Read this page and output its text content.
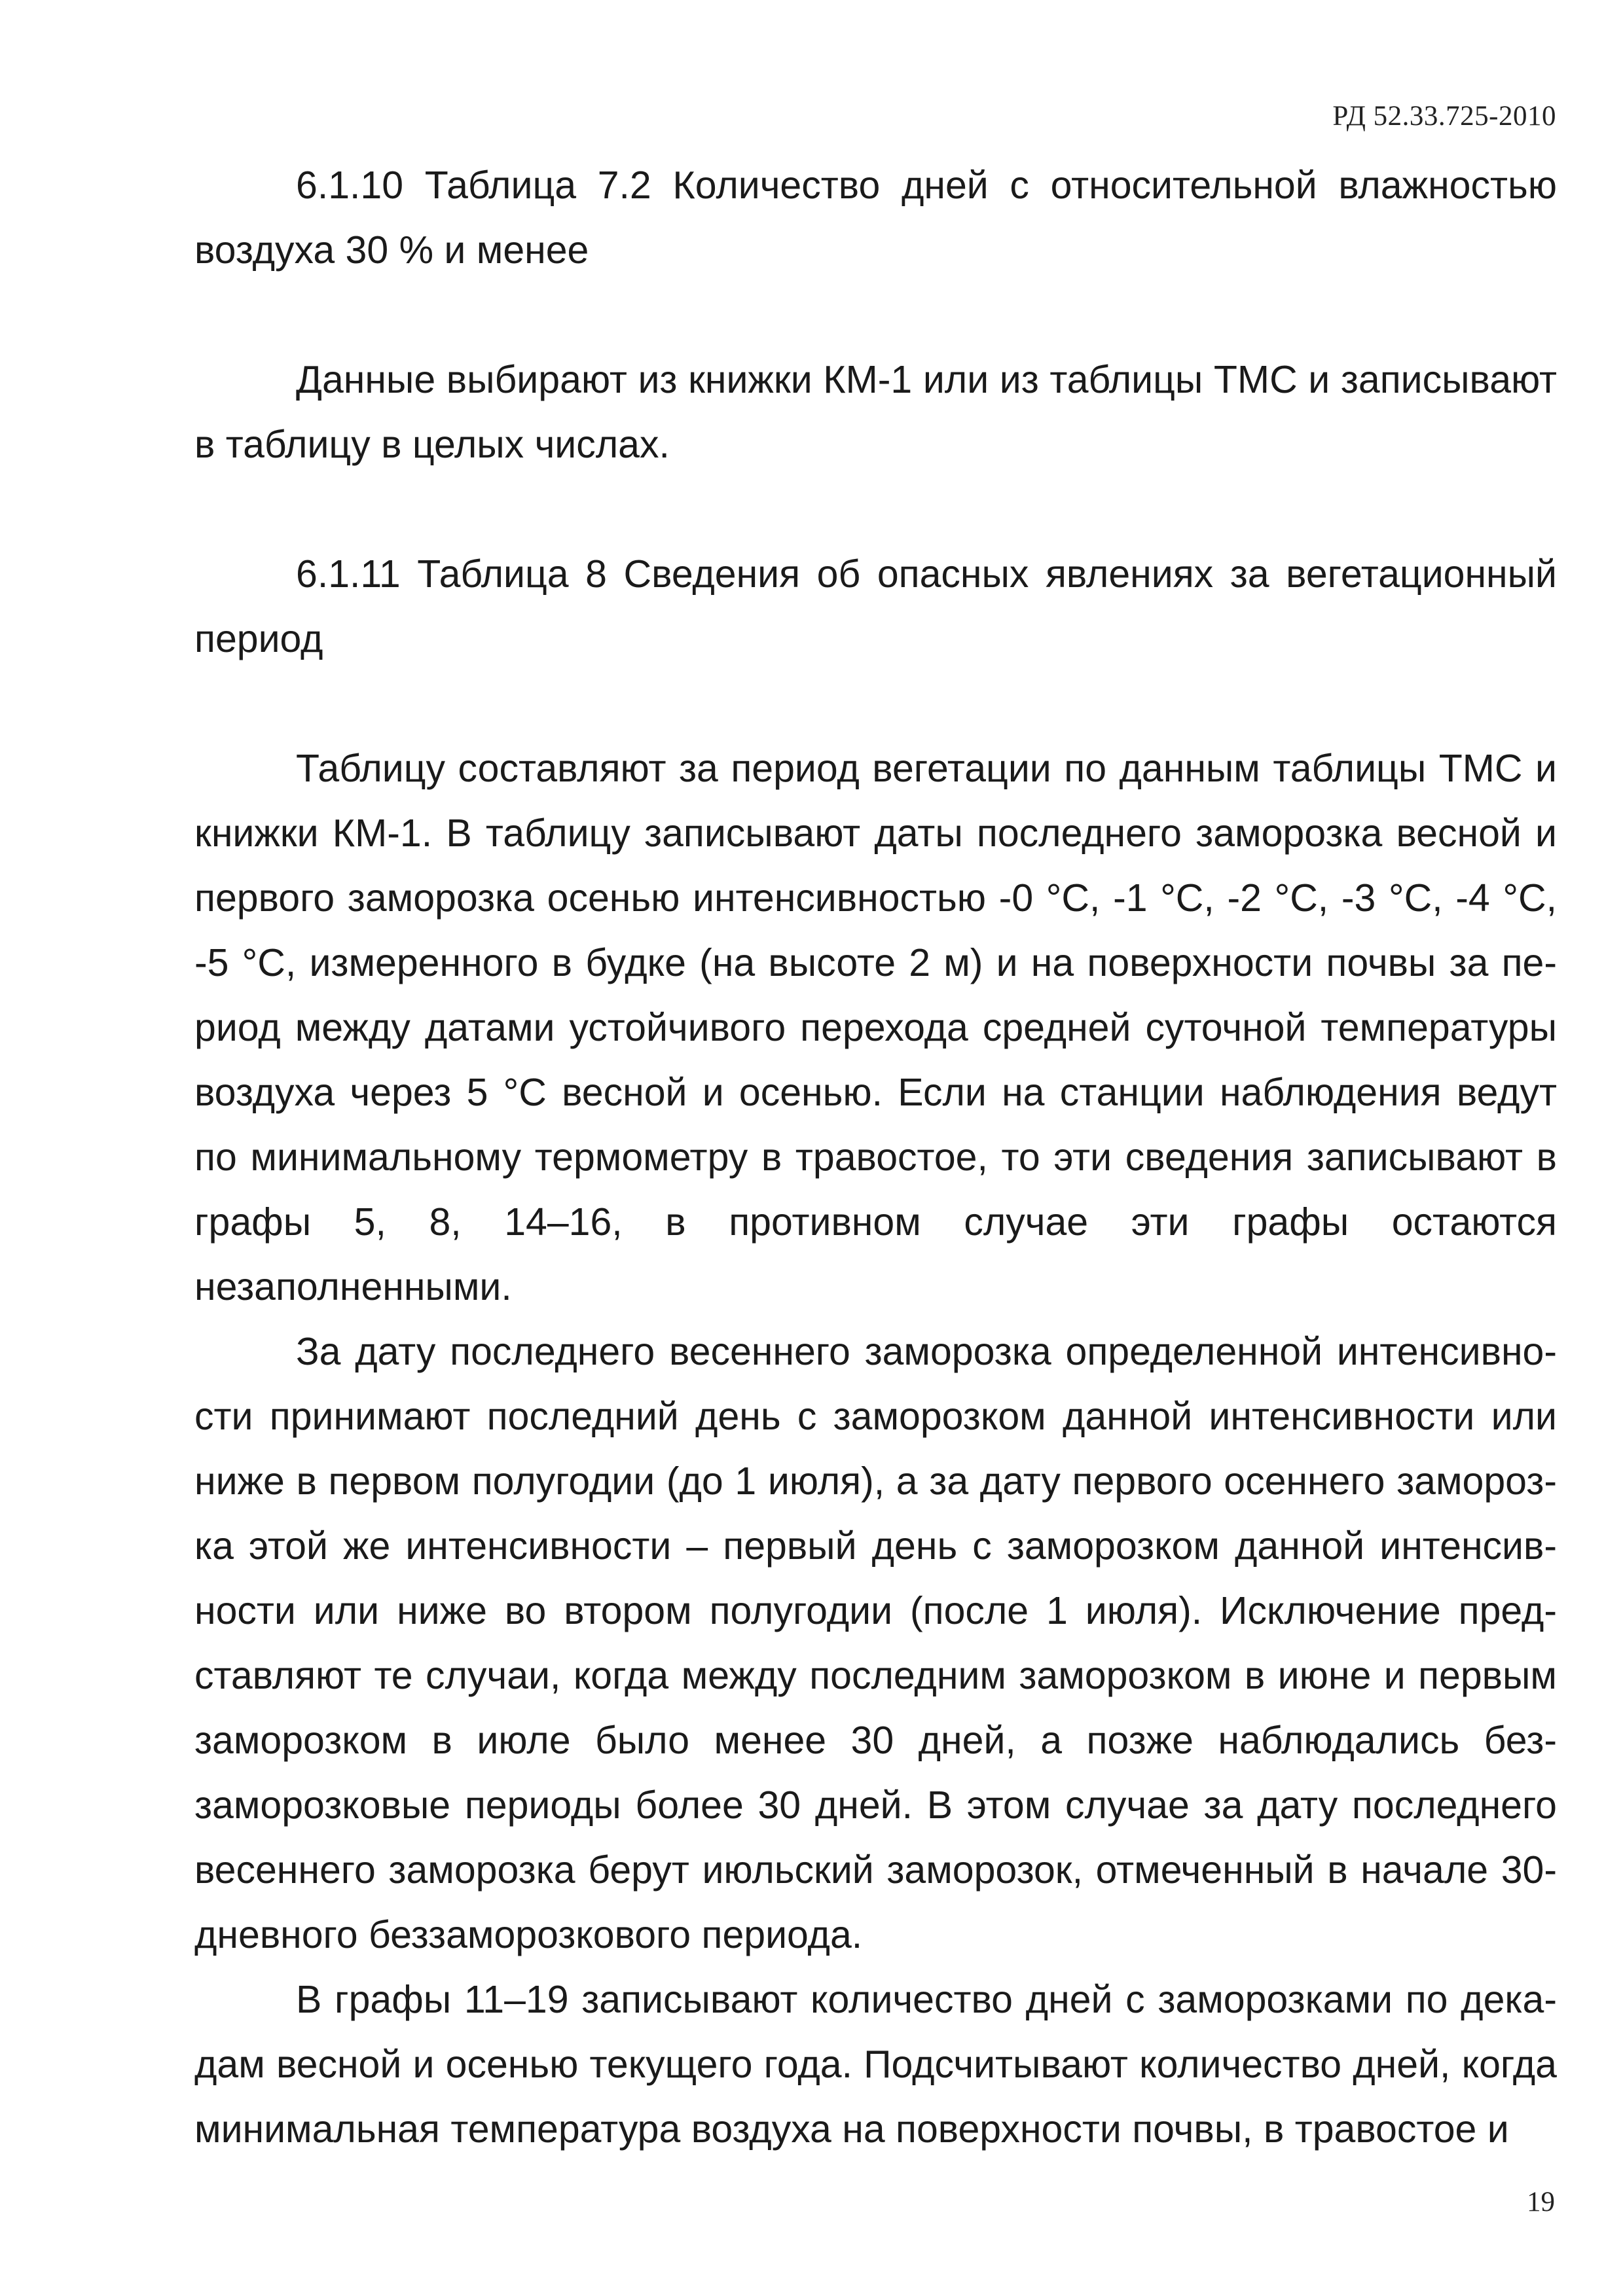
РД 52.33.725-2010

6.1.10 Таблица 7.2 Количество дней с относительной влажностью воздуха 30 % и менее

Данные выбирают из книжки КМ-1 или из таблицы ТМС и записывают в таблицу в целых числах.

6.1.11 Таблица 8 Сведения об опасных явлениях за вегетационный период

Таблицу составляют за период вегетации по данным таблицы ТМС и книжки КМ-1. В таблицу записывают даты последнего заморозка весной и первого заморозка осенью интенсивностью -0 °С, -1 °С, -2 °С, -3 °С, -4 °С, -5 °С, измеренного в будке (на высоте 2 м) и на поверхности почвы за период между датами устойчивого перехода средней суточной температуры воздуха через 5 °С весной и осенью. Если на станции наблюдения ведут по минимальному термометру в травостое, то эти сведения записывают в графы 5, 8, 14–16, в противном случае эти графы остаются незаполненными.

За дату последнего весеннего заморозка определенной интенсивности принимают последний день с заморозком данной интенсивности или ниже в первом полугодии (до 1 июля), а за дату первого осеннего заморозка этой же интенсивности – первый день с заморозком данной интенсивности или ниже во втором полугодии (после 1 июля). Исключение представляют те случаи, когда между последним заморозком в июне и первым заморозком в июле было менее 30 дней, а позже наблюдались беззаморозковые периоды более 30 дней. В этом случае за дату последнего весеннего заморозка берут июльский заморозок, отмеченный в начале 30-дневного беззаморозкового периода.

В графы 11–19 записывают количество дней с заморозками по декадам весной и осенью текущего года. Подсчитывают количество дней, когда минимальная температура воздуха на поверхности почвы, в травостое и

19
